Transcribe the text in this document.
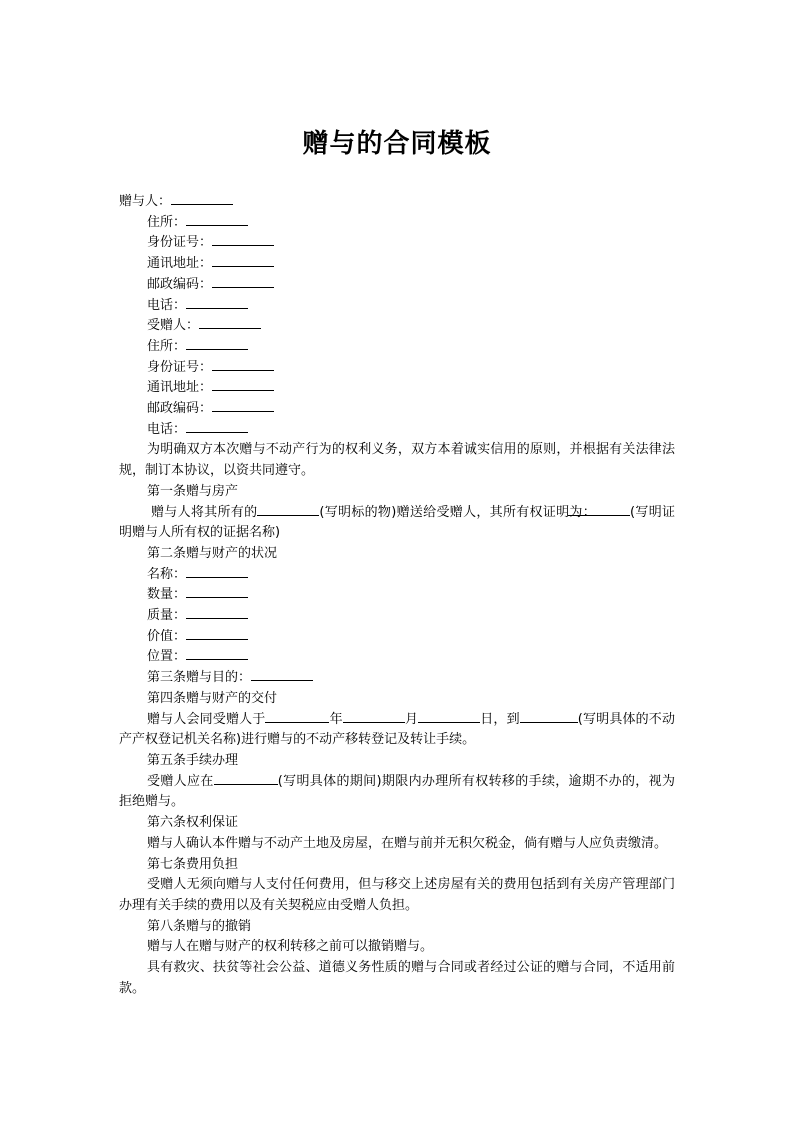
赠与的合同模板
赠与人：
住所：
身份证号：
通讯地址：
邮政编码：
电话：
受赠人：
住所：
身份证号：
通讯地址：
邮政编码：
电话：
为明确双方本次赠与不动产行为的权利义务，双方本着诚实信用的原则，并根据有关法律法规，制订本协议，以资共同遵守。
第一条赠与房产
赠与人将其所有的	(写明标的物)赠送给受赠人，其所有权证明为：	(写明证明赠与人所有权的证据名称)
第二条赠与财产的状况
名称：
数量：
质量：
价值：
位置：
第三条赠与目的：
第四条赠与财产的交付
赠与人会同受赠人于	年	月	日，到	(写明具体的不动产产权登记机关名称)进行赠与的不动产移转登记及转让手续。
第五条手续办理
受赠人应在	(写明具体的期间)期限内办理所有权转移的手续，逾期不办的，视为拒绝赠与。
第六条权利保证
赠与人确认本件赠与不动产土地及房屋，在赠与前并无积欠税金，倘有赠与人应负责缴清。
第七条费用负担
受赠人无须向赠与人支付任何费用，但与移交上述房屋有关的费用包括到有关房产管理部门办理有关手续的费用以及有关契税应由受赠人负担。
第八条赠与的撤销
赠与人在赠与财产的权利转移之前可以撤销赠与。
具有救灾、扶贫等社会公益、道德义务性质的赠与合同或者经过公证的赠与合同，不适用前款。
